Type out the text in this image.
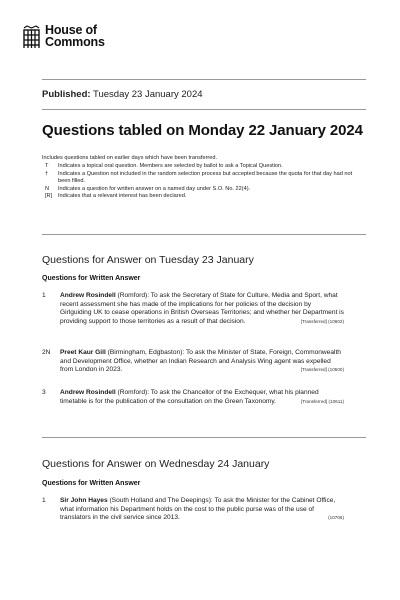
House of
Commons
Published: Tuesday 23 January 2024
Questions tabled on Monday 22 January 2024
Includes questions tabled on earlier days which have been transferred.
T	Indicates a topical oral question. Members are selected by ballot to ask a Topical Question.
†	Indicates a Question not included in the random selection process but accepted because the quota for that day had not been filled.
N	Indicates a question for written answer on a named day under S.O. No. 22(4).
[R]	Indicates that a relevant interest has been declared.
Questions for Answer on Tuesday 23 January
Questions for Written Answer
1	Andrew Rosindell (Romford): To ask the Secretary of State for Culture, Media and Sport, what recent assessment she has made of the implications for her policies of the decision by Girlguiding UK to cease operations in British Overseas Territories; and whether her Department is providing support to those territories as a result of that decision.	[Transferred] (10602)
2N	Preet Kaur Gill (Birmingham, Edgbaston): To ask the Minister of State, Foreign, Commonwealth and Development Office, whether an Indian Research and Analysis Wing agent was expelled from London in 2023.	[Transferred] (10500)
3	Andrew Rosindell (Romford): To ask the Chancellor of the Exchequer, what his planned timetable is for the publication of the consultation on the Green Taxonomy.	[Transferred] (10611)
Questions for Answer on Wednesday 24 January
Questions for Written Answer
1	Sir John Hayes (South Holland and The Deepings): To ask the Minister for the Cabinet Office, what information his Department holds on the cost to the public purse was of the use of translators in the civil service since 2013.	(10706)
